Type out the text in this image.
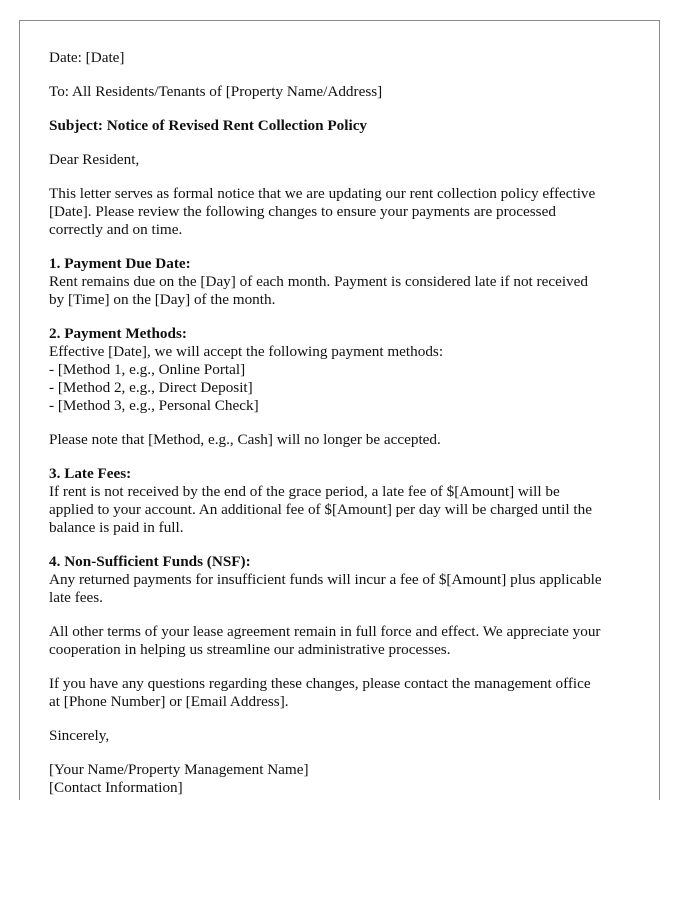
Date: [Date]
To: All Residents/Tenants of [Property Name/Address]
Subject: Notice of Revised Rent Collection Policy
Dear Resident,
This letter serves as formal notice that we are updating our rent collection policy effective
[Date]. Please review the following changes to ensure your payments are processed
correctly and on time.
1. Payment Due Date:
Rent remains due on the [Day] of each month. Payment is considered late if not received
by [Time] on the [Day] of the month.
2. Payment Methods:
Effective [Date], we will accept the following payment methods:
- [Method 1, e.g., Online Portal]
- [Method 2, e.g., Direct Deposit]
- [Method 3, e.g., Personal Check]
Please note that [Method, e.g., Cash] will no longer be accepted.
3. Late Fees:
If rent is not received by the end of the grace period, a late fee of $[Amount] will be
applied to your account. An additional fee of $[Amount] per day will be charged until the
balance is paid in full.
4. Non-Sufficient Funds (NSF):
Any returned payments for insufficient funds will incur a fee of $[Amount] plus applicable
late fees.
All other terms of your lease agreement remain in full force and effect. We appreciate your
cooperation in helping us streamline our administrative processes.
If you have any questions regarding these changes, please contact the management office
at [Phone Number] or [Email Address].
Sincerely,
[Your Name/Property Management Name]
[Contact Information]
